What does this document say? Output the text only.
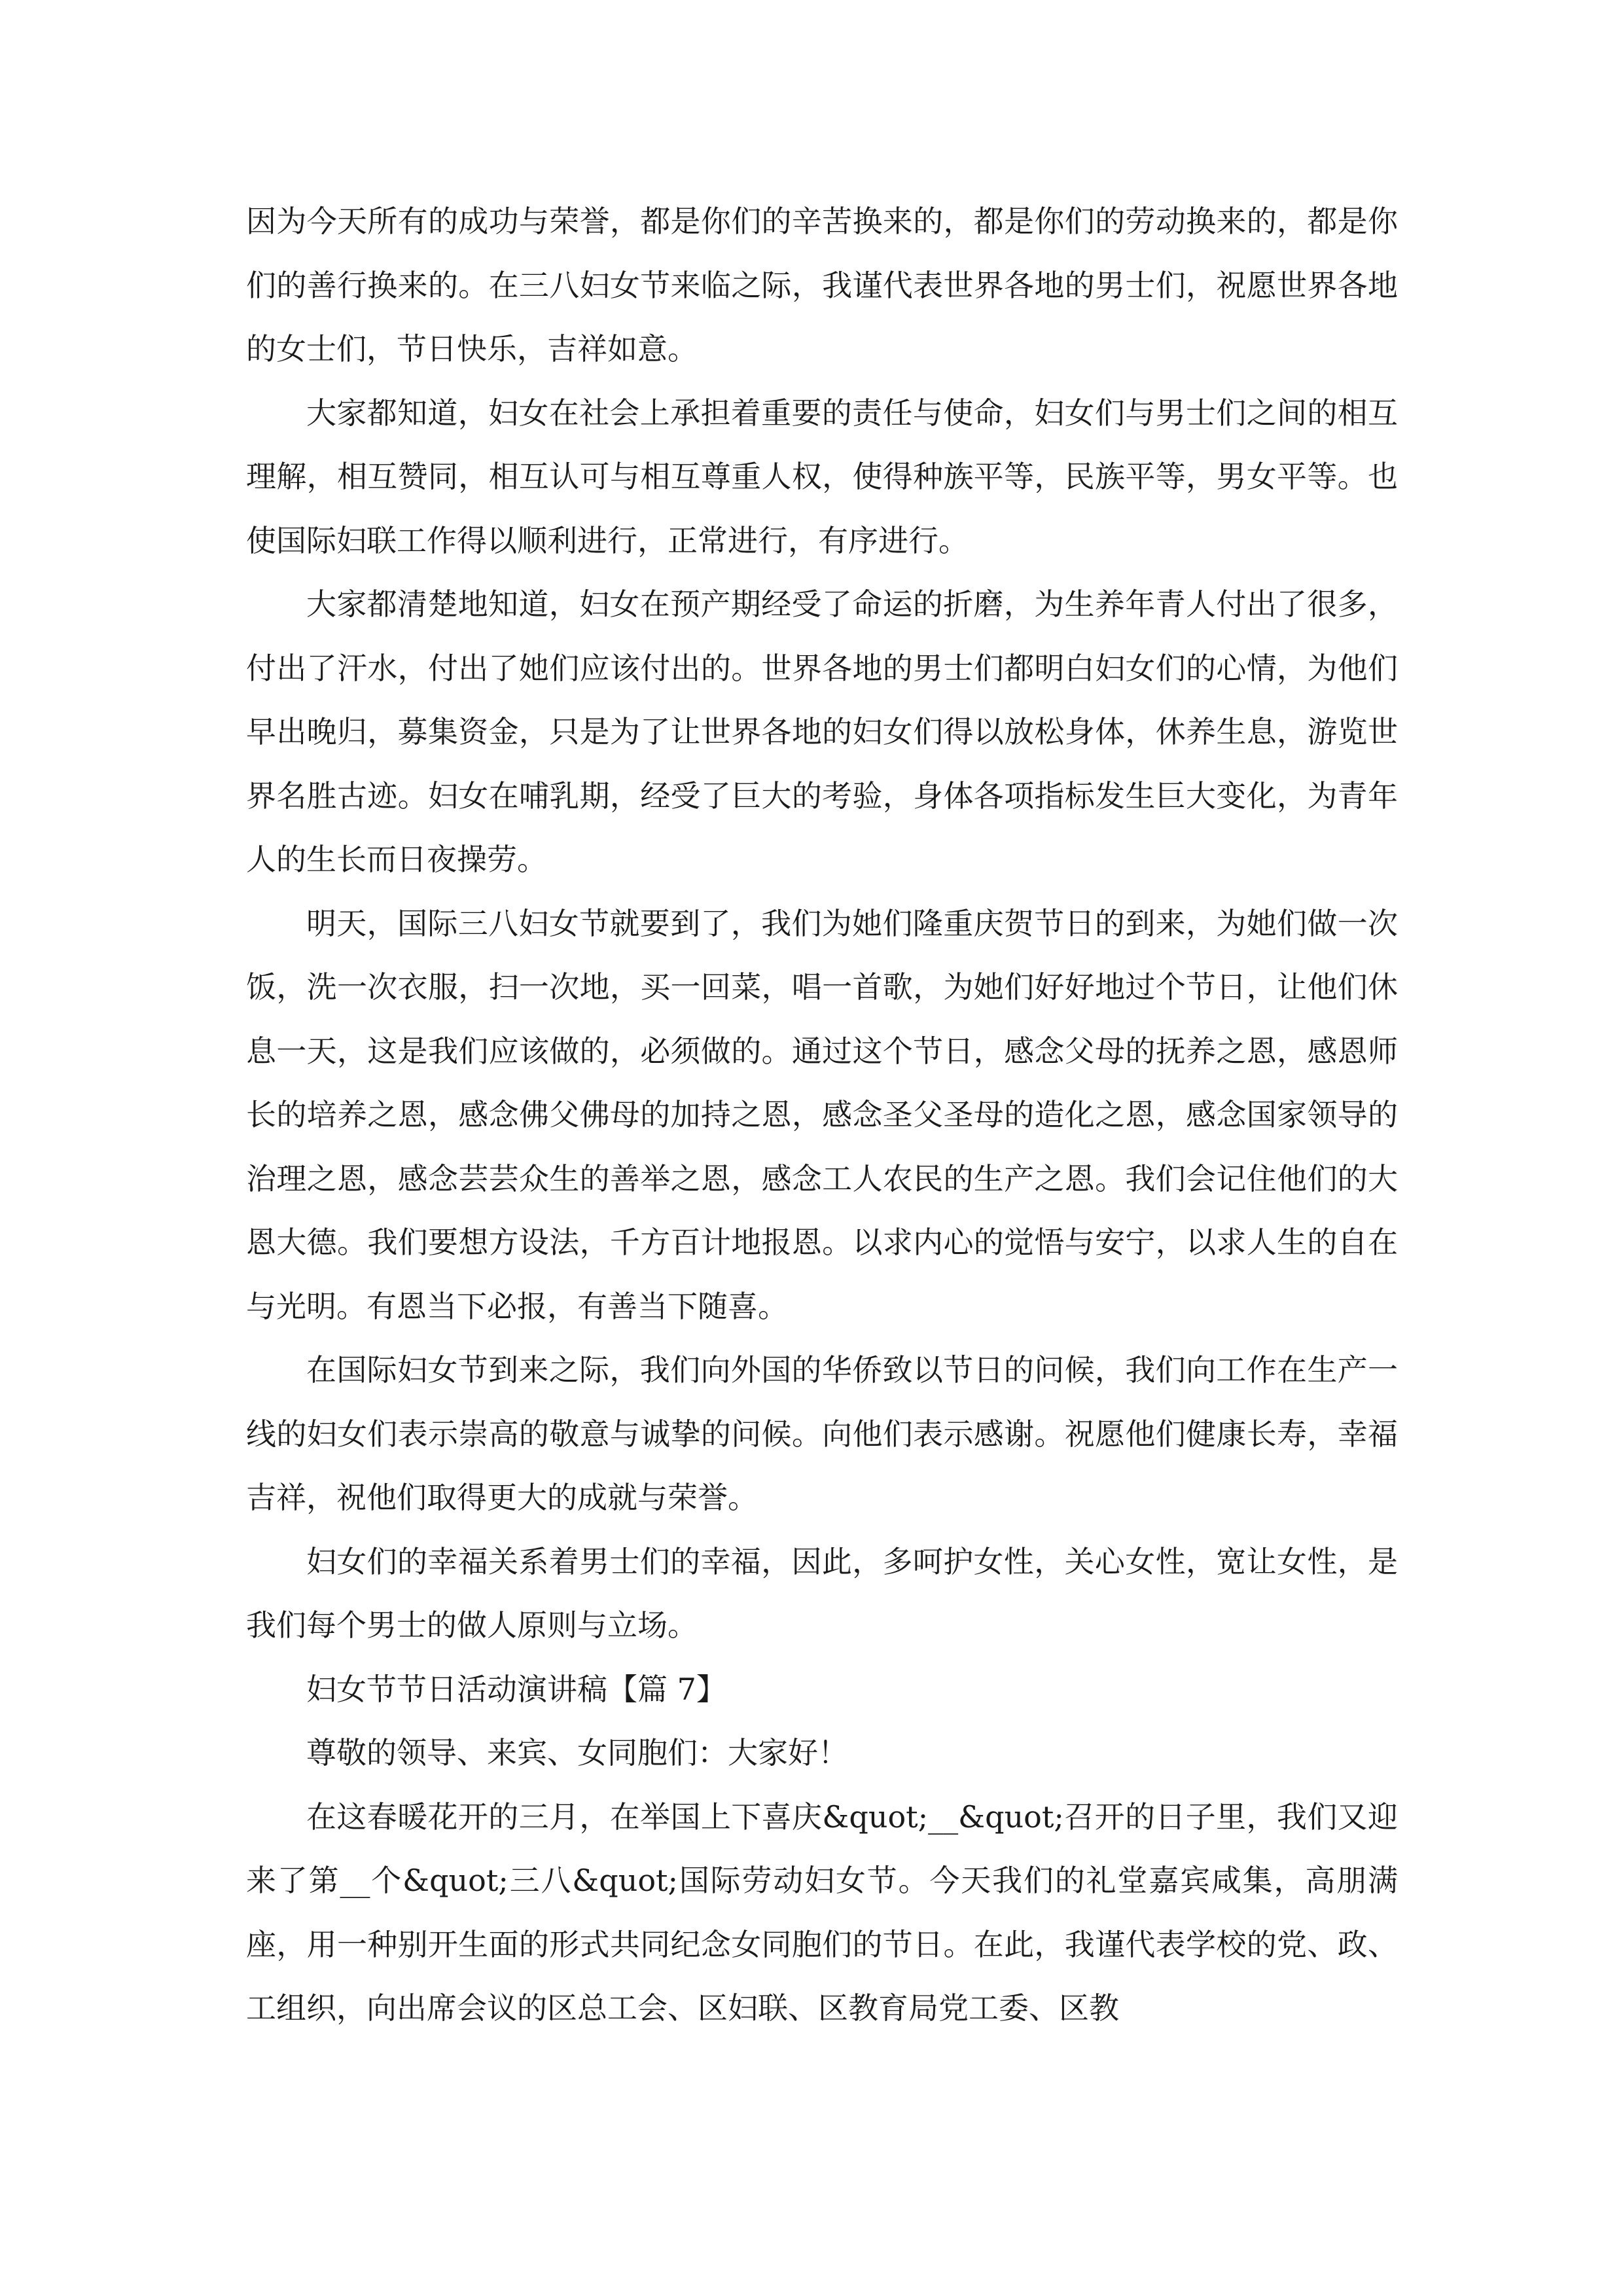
因为今天所有的成功与荣誉，都是你们的辛苦换来的，都是你们的劳动换来的，都是你们的善行换来的。在三八妇女节来临之际，我谨代表世界各地的男士们，祝愿世界各地的女士们，节日快乐，吉祥如意。

大家都知道，妇女在社会上承担着重要的责任与使命，妇女们与男士们之间的相互理解，相互赞同，相互认可与相互尊重人权，使得种族平等，民族平等，男女平等。也使国际妇联工作得以顺利进行，正常进行，有序进行。

大家都清楚地知道，妇女在预产期经受了命运的折磨，为生养年青人付出了很多，付出了汗水，付出了她们应该付出的。世界各地的男士们都明白妇女们的心情，为他们早出晚归，募集资金，只是为了让世界各地的妇女们得以放松身体，休养生息，游览世界名胜古迹。妇女在哺乳期，经受了巨大的考验，身体各项指标发生巨大变化，为青年人的生长而日夜操劳。

明天，国际三八妇女节就要到了，我们为她们隆重庆贺节日的到来，为她们做一次饭，洗一次衣服，扫一次地，买一回菜，唱一首歌，为她们好好地过个节日，让他们休息一天，这是我们应该做的，必须做的。通过这个节日，感念父母的抚养之恩，感恩师长的培养之恩，感念佛父佛母的加持之恩，感念圣父圣母的造化之恩，感念国家领导的治理之恩，感念芸芸众生的善举之恩，感念工人农民的生产之恩。我们会记住他们的大恩大德。我们要想方设法，千方百计地报恩。以求内心的觉悟与安宁，以求人生的自在与光明。有恩当下必报，有善当下随喜。

在国际妇女节到来之际，我们向外国的华侨致以节日的问候，我们向工作在生产一线的妇女们表示崇高的敬意与诚挚的问候。向他们表示感谢。祝愿他们健康长寿，幸福吉祥，祝他们取得更大的成就与荣誉。

妇女们的幸福关系着男士们的幸福，因此，多呵护女性，关心女性，宽让女性，是我们每个男士的做人原则与立场。

妇女节节日活动演讲稿【篇 7】

尊敬的领导、来宾、女同胞们：大家好！

在这春暖花开的三月，在举国上下喜庆&quot;__&quot;召开的日子里，我们又迎来了第__个&quot;三八&quot;国际劳动妇女节。今天我们的礼堂嘉宾咸集，高朋满座，用一种别开生面的形式共同纪念女同胞们的节日。在此，我谨代表学校的党、政、工组织，向出席会议的区总工会、区妇联、区教育局党工委、区教
